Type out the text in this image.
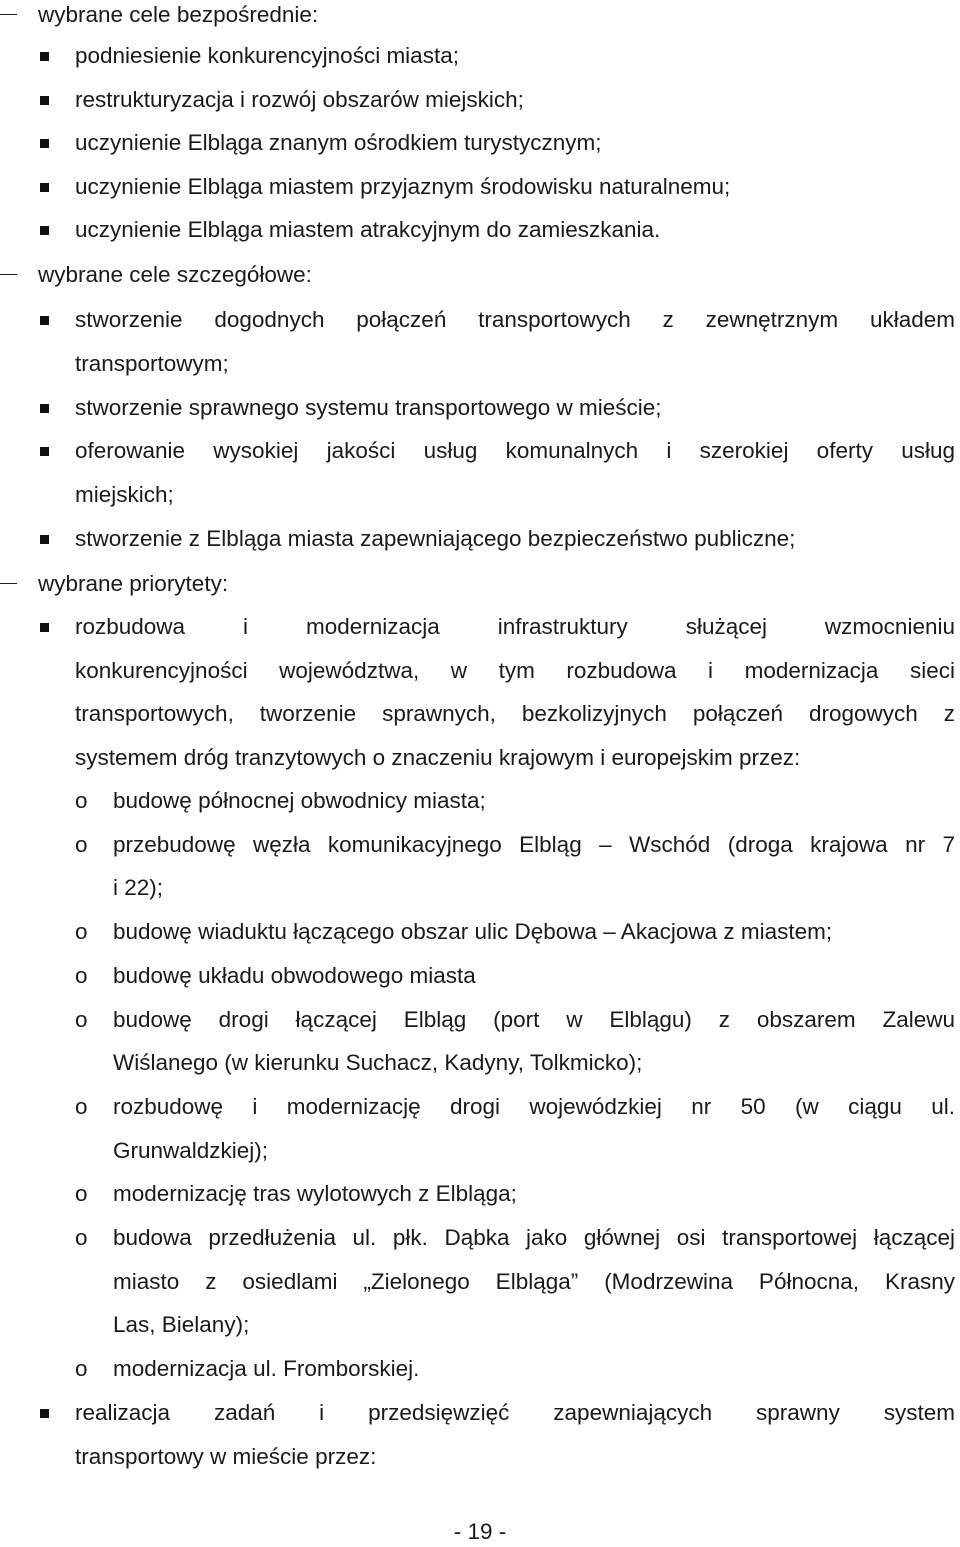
wybrane cele bezpośrednie:
podniesienie konkurencyjności miasta;
restrukturyzacja i rozwój obszarów miejskich;
uczynienie Elbląga znanym ośrodkiem turystycznym;
uczynienie Elbląga miastem przyjaznym środowisku naturalnemu;
uczynienie Elbląga miastem atrakcyjnym do zamieszkania.
wybrane cele szczegółowe:
stworzenie dogodnych połączeń transportowych z zewnętrznym układem
transportowym;
stworzenie sprawnego systemu transportowego w mieście;
oferowanie wysokiej jakości usług komunalnych i szerokiej oferty usług
miejskich;
stworzenie z Elbląga miasta zapewniającego bezpieczeństwo publiczne;
wybrane priorytety:
rozbudowa i modernizacja infrastruktury służącej wzmocnieniu
konkurencyjności województwa, w tym rozbudowa i modernizacja sieci
transportowych, tworzenie sprawnych, bezkolizyjnych połączeń drogowych z
systemem dróg tranzytowych o znaczeniu krajowym i europejskim przez:
o budowę północnej obwodnicy miasta;
o przebudowę węzła komunikacyjnego Elbląg – Wschód (droga krajowa nr 7
i 22);
o budowę wiaduktu łączącego obszar ulic Dębowa – Akacjowa z miastem;
o budowę układu obwodowego miasta
o budowę drogi łączącej Elbląg (port w Elblągu) z obszarem Zalewu
Wiślanego (w kierunku Suchacz, Kadyny, Tolkmicko);
o rozbudowę i modernizację drogi wojewódzkiej nr 50 (w ciągu ul.
Grunwaldzkiej);
o modernizację tras wylotowych z Elbląga;
o budowa przedłużenia ul. płk. Dąbka jako głównej osi transportowej łączącej
miasto z osiedlami „Zielonego Elbląga” (Modrzewina Północna, Krasny
Las, Bielany);
o modernizacja ul. Fromborskiej.
realizacja zadań i przedsięwzięć zapewniających sprawny system
transportowy w mieście przez:
- 19 -
